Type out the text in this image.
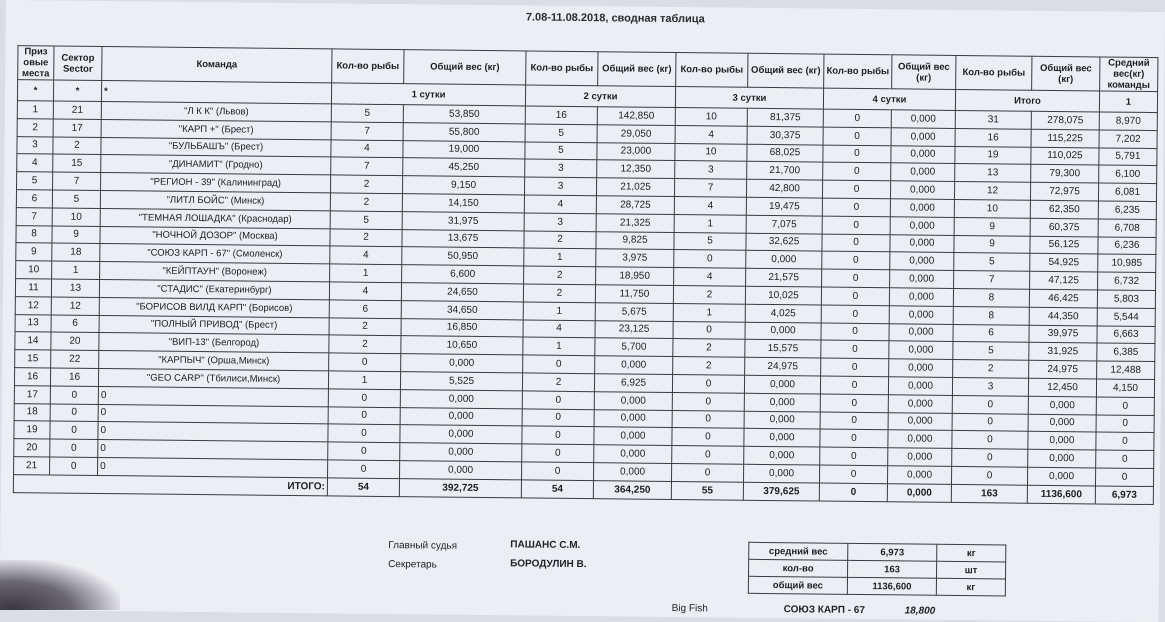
7.08-11.08.2018, сводная таблица
Приз овые места	Сектор Sector	Команда	Кол-во рыбы	Общий вес (кг)	Кол-во рыбы	Общий вес (кг)	Кол-во рыбы	Общий вес (кг)	Кол-во рыбы	Общий вес (кг)	Кол-во рыбы	Общий вес (кг)	Средний вес(кг) команды

*	*	*	1 сутки		2 сутки		3 сутки		4 сутки		Итого		1
1	21	"Л К К" (Львов)	5	53,850	16	142,850	10	81,375	0	0,000	31	278,075	8,970
2	17	"КАРП +" (Брест)	7	55,800	5	29,050	4	30,375	0	0,000	16	115,225	7,202
3	2	"БУЛЬБАШЪ" (Брест)	4	19,000	5	23,000	10	68,025	0	0,000	19	110,025	5,791
4	15	"ДИНАМИТ" (Гродно)	7	45,250	3	12,350	3	21,700	0	0,000	13	79,300	6,100
5	7	"РЕГИОН - 39" (Калининград)	2	9,150	3	21,025	7	42,800	0	0,000	12	72,975	6,081
6	5	"ЛИТЛ БОЙС" (Минск)	2	14,150	4	28,725	4	19,475	0	0,000	10	62,350	6,235
7	10	"ТЕМНАЯ ЛОШАДКА" (Краснодар)	5	31,975	3	21,325	1	7,075	0	0,000	9	60,375	6,708
8	9	"НОЧНОЙ ДОЗОР" (Москва)	2	13,675	2	9,825	5	32,625	0	0,000	9	56,125	6,236
9	18	"СОЮЗ КАРП - 67" (Смоленск)	4	50,950	1	3,975	0	0,000	0	0,000	5	54,925	10,985
10	1	"КЕЙПТАУН" (Воронеж)	1	6,600	2	18,950	4	21,575	0	0,000	7	47,125	6,732
11	13	"СТАДИС" (Екатеринбург)	4	24,650	2	11,750	2	10,025	0	0,000	8	46,425	5,803
12	12	"БОРИСОВ ВИЛД КАРП" (Борисов)	6	34,650	1	5,675	1	4,025	0	0,000	8	44,350	5,544
13	6	"ПОЛНЫЙ ПРИВОД" (Брест)	2	16,850	4	23,125	0	0,000	0	0,000	6	39,975	6,663
14	20	"ВИП-13" (Белгород)	2	10,650	1	5,700	2	15,575	0	0,000	5	31,925	6,385
15	22	"КАРПЫЧ" (Орша,Минск)	0	0,000	0	0,000	2	24,975	0	0,000	2	24,975	12,488
16	16	"GEO CARP" (Тбилиси,Минск)	1	5,525	2	6,925	0	0,000	0	0,000	3	12,450	4,150
17	0	0	0	0,000	0	0,000	0	0,000	0	0,000	0	0,000	0
18	0	0	0	0,000	0	0,000	0	0,000	0	0,000	0	0,000	0
19	0	0	0	0,000	0	0,000	0	0,000	0	0,000	0	0,000	0
20	0	0	0	0,000	0	0,000	0	0,000	0	0,000	0	0,000	0
21	0	0	0	0,000	0	0,000	0	0,000	0	0,000	0	0,000	0
ИТОГО:			54	392,725	54	364,250	55	379,625	0	0,000	163	1136,600	6,973
Главный судья	ПАШАНС С.М.
Секретарь	БОРОДУЛИН В.
средний вес	6,973	кг
кол-во	163	шт
общий вес	1136,600	кг
Big Fish	СОЮЗ КАРП - 67	18,800
